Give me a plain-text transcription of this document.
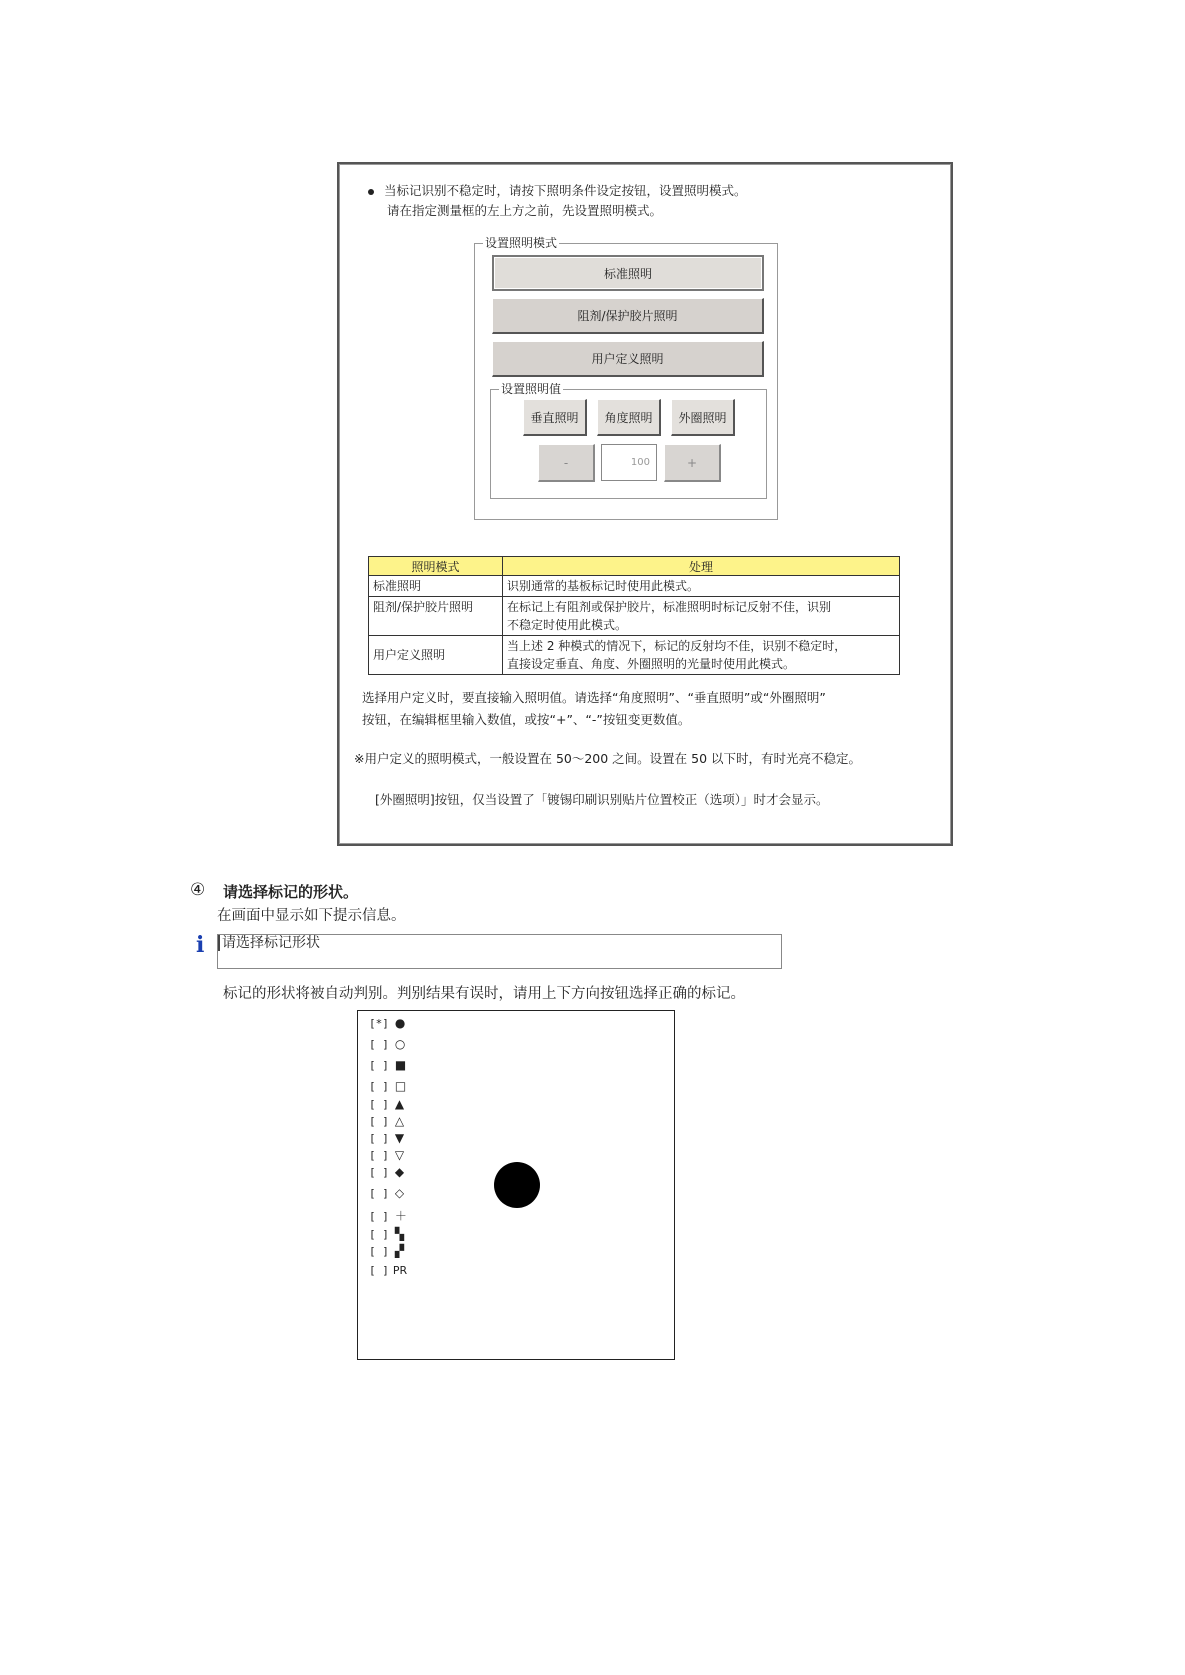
当标记识别不稳定时，请按下照明条件设定按钮，设置照明模式。
请在指定测量框的左上方之前，先设置照明模式。
设置照明模式
标准照明
阻剂/保护胶片照明
用户定义照明
设置照明值
垂直照明	角度照明	外圈照明
-	100	+
照明模式	处理
标准照明	识别通常的基板标记时使用此模式。
阻剂/保护胶片照明	在标记上有阻剂或保护胶片，标准照明时标记反射不佳，识别
不稳定时使用此模式。
用户定义照明	当上述 2 种模式的情况下，标记的反射均不佳，识别不稳定时，
直接设定垂直、角度、外圈照明的光量时使用此模式。
选择用户定义时，要直接输入照明值。请选择“角度照明”、“垂直照明”或“外圈照明”
按钮，在编辑框里输入数值，或按“+”、“-”按钮变更数值。
※用户定义的照明模式，一般设置在 50～200 之间。设置在 50 以下时，有时光亮不稳定。
[外圈照明]按钮，仅当设置了「镀锡印刷识别贴片位置校正（选项）」时才会显示。
④ 请选择标记的形状。
在画面中显示如下提示信息。
i 请选择标记形状
标记的形状将被自动判别。判别结果有误时，请用上下方向按钮选择正确的标记。
[*] ●
[ ] ○
[ ] ■
[ ] □
[ ] ▲
[ ] △
[ ] ▼
[ ] ▽
[ ] ◆
[ ] ◇
[ ] ＋
[ ] ▚
[ ] ▞
[ ] PR
